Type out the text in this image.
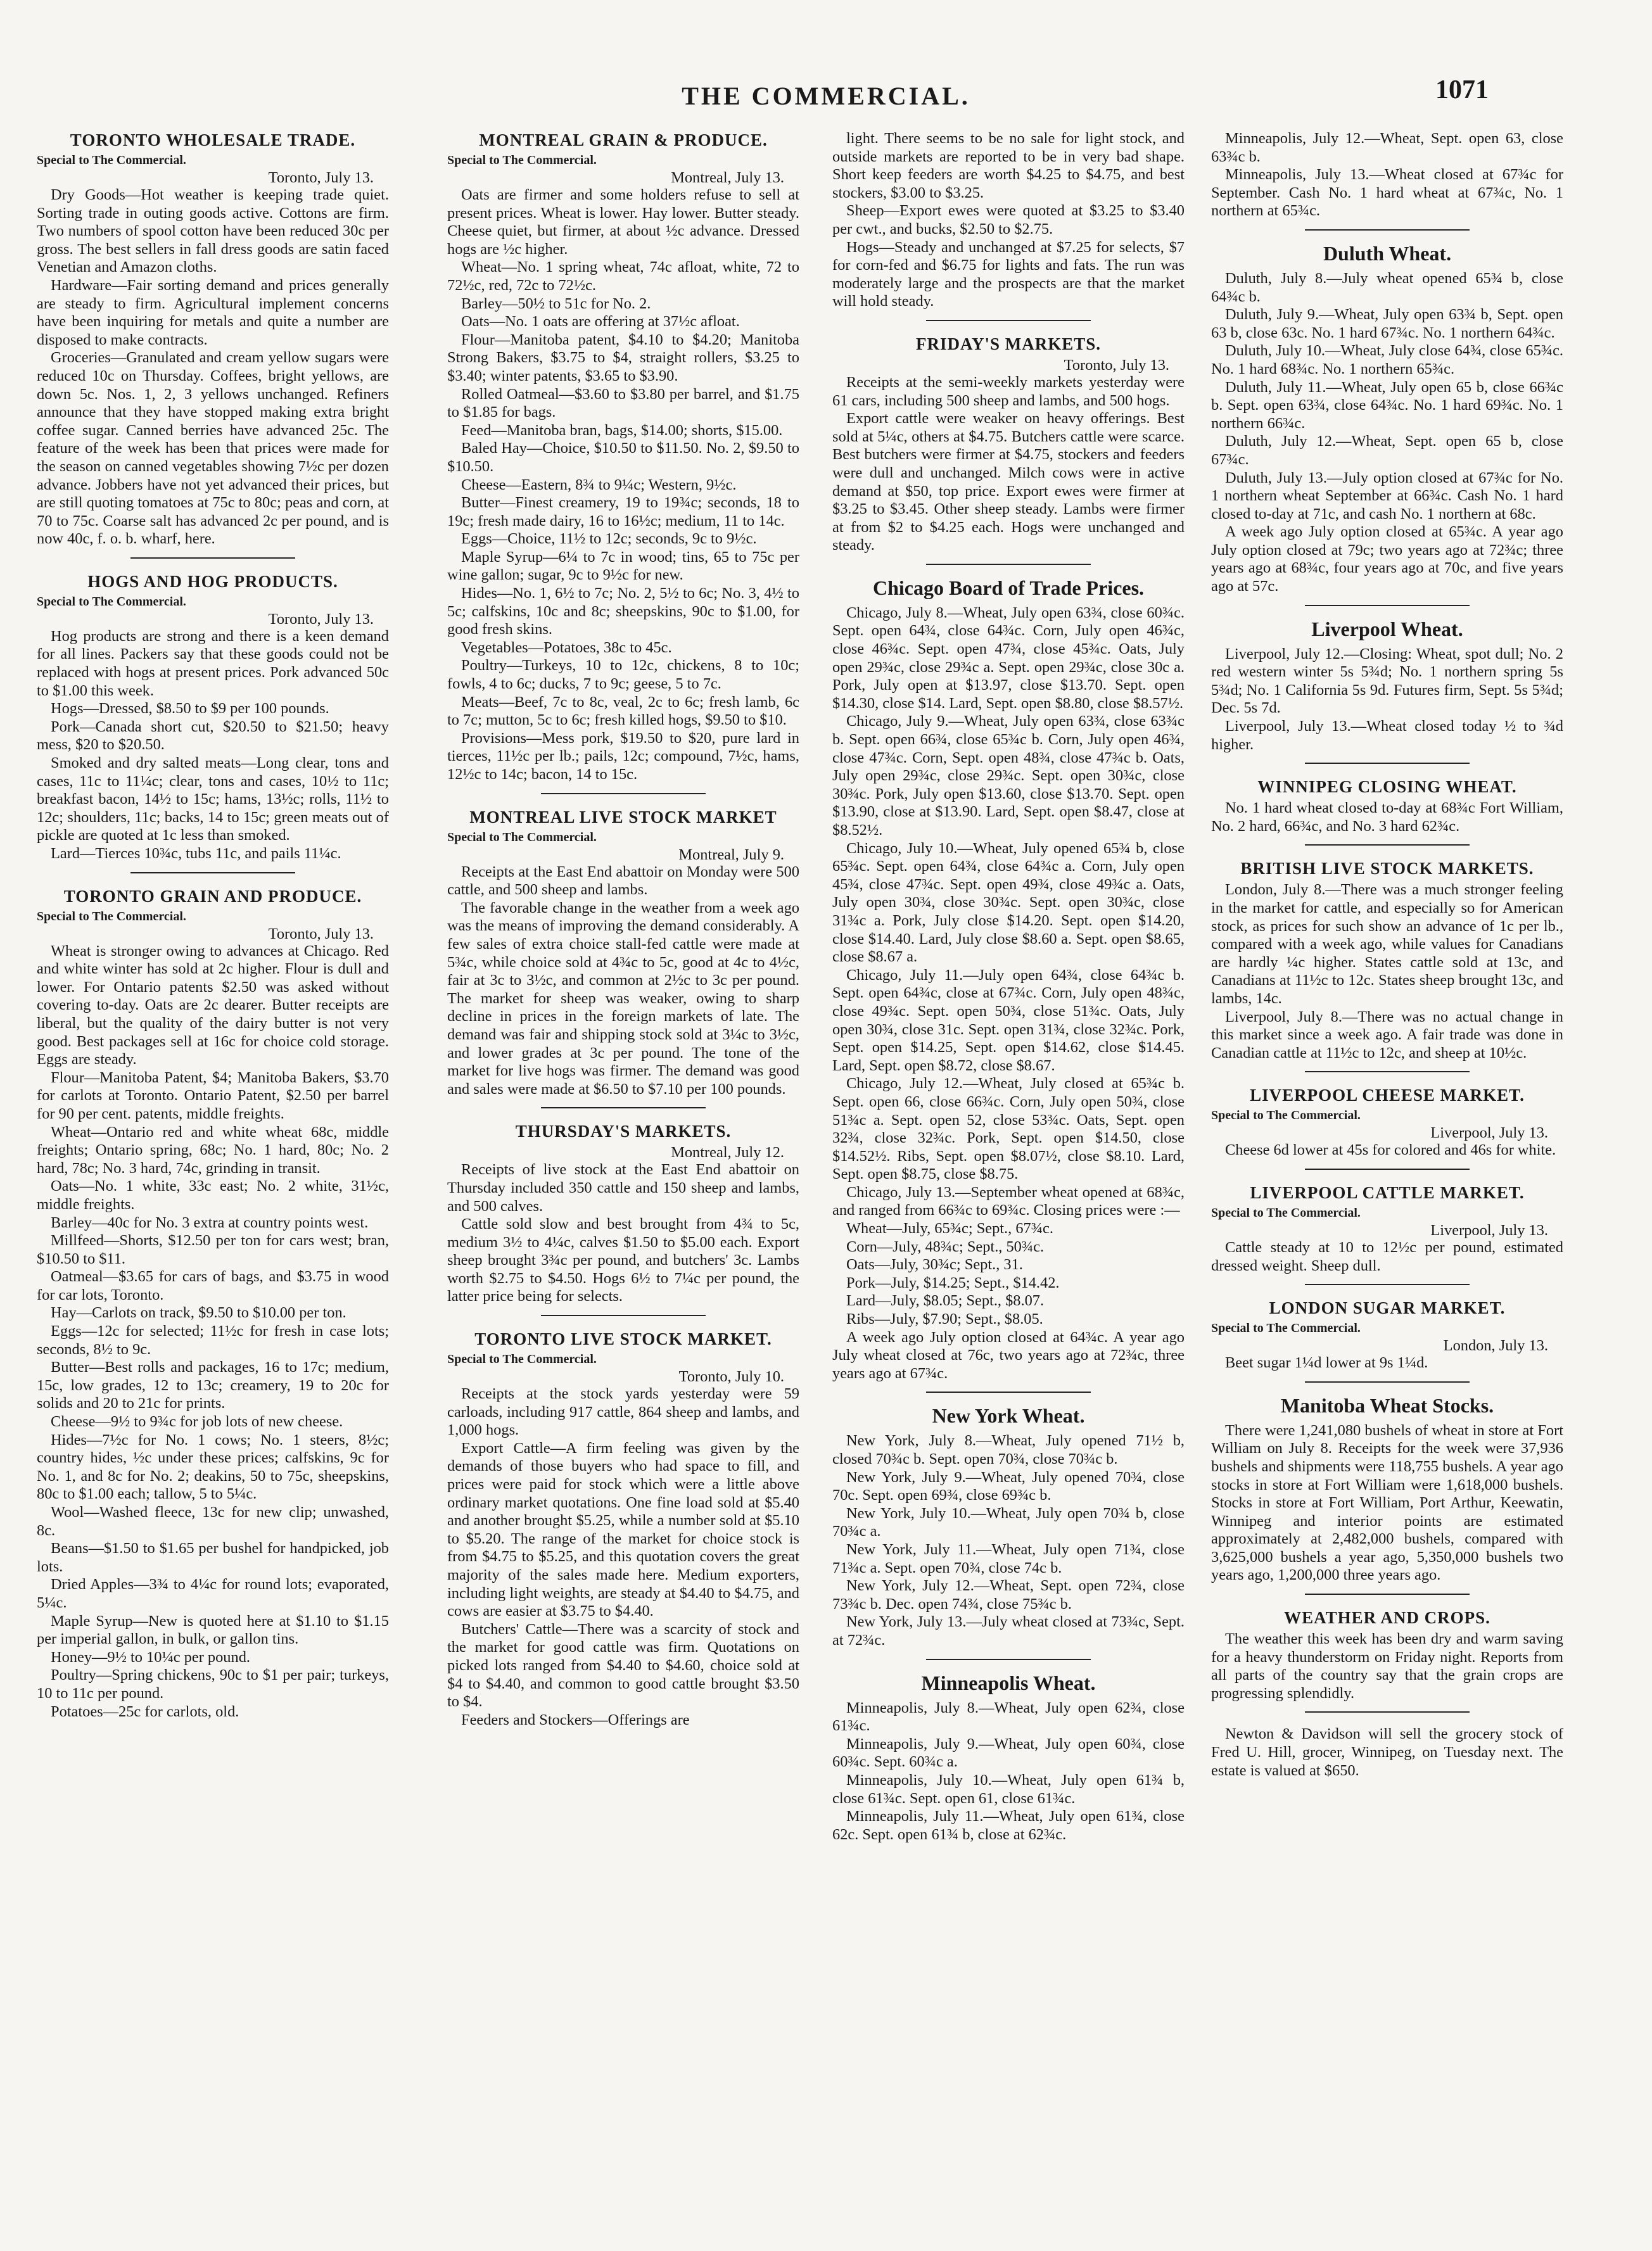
THE COMMERCIAL.	1071
TORONTO WHOLESALE TRADE.
Special to The Commercial.
Toronto, July 13.

Dry Goods—Hot weather is keeping trade quiet. Sorting trade in outing goods active. Cottons are firm. Two numbers of spool cotton have been reduced 30c per gross. The best sellers in fall dress goods are satin faced Venetian and Amazon cloths.

Hardware—Fair sorting demand and prices generally are steady to firm. Agricultural implement concerns have been inquiring for metals and quite a number are disposed to make contracts.

Groceries—Granulated and cream yellow sugars were reduced 10c on Thursday. Coffees, bright yellows, are down 5c. Nos. 1, 2, 3 yellows unchanged. Refiners announce that they have stopped making extra bright coffee sugar. Canned berries have advanced 25c. The feature of the week has been that prices were made for the season on canned vegetables showing 7½c per dozen advance. Jobbers have not yet advanced their prices, but are still quoting tomatoes at 75c to 80c; peas and corn, at 70 to 75c. Coarse salt has advanced 2c per pound, and is now 40c, f. o. b. wharf, here.

HOGS AND HOG PRODUCTS.
Special to The Commercial.
Toronto, July 13.

Hog products are strong and there is a keen demand for all lines. Packers say that these goods could not be replaced with hogs at present prices. Pork advanced 50c to $1.00 this week.

Hogs—Dressed, $8.50 to $9 per 100 pounds.

Pork—Canada short cut, $20.50 to $21.50; heavy mess, $20 to $20.50.

Smoked and dry salted meats—Long clear, tons and cases, 11c to 11¼c; clear, tons and cases, 10½ to 11c; breakfast bacon, 14½ to 15c; hams, 13½c; rolls, 11½ to 12c; shoulders, 11c; backs, 14 to 15c; green meats out of pickle are quoted at 1c less than smoked.

Lard—Tierces 10¾c, tubs 11c, and pails 11¼c.

TORONTO GRAIN AND PRODUCE.
Special to The Commercial.
Toronto, July 13.

Wheat is stronger owing to advances at Chicago. Red and white winter has sold at 2c higher. Flour is dull and lower. For Ontario patents $2.50 was asked without covering to-day. Oats are 2c dearer. Butter receipts are liberal, but the quality of the dairy butter is not very good. Best packages sell at 16c for choice cold storage. Eggs are steady.

Flour—Manitoba Patent, $4; Manitoba Bakers, $3.70 for carlots at Toronto. Ontario Patent, $2.50 per barrel for 90 per cent. patents, middle freights.

Wheat—Ontario red and white wheat 68c, middle freights; Ontario spring, 68c; No. 1 hard, 80c; No. 2 hard, 78c; No. 3 hard, 74c, grinding in transit.

Oats—No. 1 white, 33c east; No. 2 white, 31½c, middle freights.

Barley—40c for No. 3 extra at country points west.

Millfeed—Shorts, $12.50 per ton for cars west; bran, $10.50 to $11.

Oatmeal—$3.65 for cars of bags, and $3.75 in wood for car lots, Toronto.

Hay—Carlots on track, $9.50 to $10.00 per ton.

Eggs—12c for selected; 11½c for fresh in case lots; seconds, 8½ to 9c.

Butter—Best rolls and packages, 16 to 17c; medium, 15c, low grades, 12 to 13c; creamery, 19 to 20c for solids and 20 to 21c for prints.

Cheese—9½ to 9¾c for job lots of new cheese.

Hides—7½c for No. 1 cows; No. 1 steers, 8½c; country hides, ½c under these prices; calfskins, 9c for No. 1, and 8c for No. 2; deakins, 50 to 75c, sheepskins, 80c to $1.00 each; tallow, 5 to 5¼c.

Wool—Washed fleece, 13c for new clip; unwashed, 8c.

Beans—$1.50 to $1.65 per bushel for handpicked, job lots.

Dried Apples—3¾ to 4¼c for round lots; evaporated, 5¼c.

Maple Syrup—New is quoted here at $1.10 to $1.15 per imperial gallon, in bulk, or gallon tins.

Honey—9½ to 10¼c per pound.

Poultry—Spring chickens, 90c to $1 per pair; turkeys, 10 to 11c per pound.

Potatoes—25c for carlots, old.

MONTREAL GRAIN & PRODUCE.
Special to The Commercial.
Montreal, July 13.

Oats are firmer and some holders refuse to sell at present prices. Wheat is lower. Hay lower. Butter steady. Cheese quiet, but firmer, at about ½c advance. Dressed hogs are ½c higher.

Wheat—No. 1 spring wheat, 74c afloat, white, 72 to 72½c, red, 72c to 72½c.

Barley—50½ to 51c for No. 2.

Oats—No. 1 oats are offering at 37½c afloat.

Flour—Manitoba patent, $4.10 to $4.20; Manitoba Strong Bakers, $3.75 to $4, straight rollers, $3.25 to $3.40; winter patents, $3.65 to $3.90.

Rolled Oatmeal—$3.60 to $3.80 per barrel, and $1.75 to $1.85 for bags.

Feed—Manitoba bran, bags, $14.00; shorts, $15.00.

Baled Hay—Choice, $10.50 to $11.50. No. 2, $9.50 to $10.50.

Cheese—Eastern, 8¾ to 9¼c; Western, 9½c.

Butter—Finest creamery, 19 to 19¾c; seconds, 18 to 19c; fresh made dairy, 16 to 16½c; medium, 11 to 14c.

Eggs—Choice, 11½ to 12c; seconds, 9c to 9½c.

Maple Syrup—6¼ to 7c in wood; tins, 65 to 75c per wine gallon; sugar, 9c to 9½c for new.

Hides—No. 1, 6½ to 7c; No. 2, 5½ to 6c; No. 3, 4½ to 5c; calfskins, 10c and 8c; sheepskins, 90c to $1.00, for good fresh skins.

Vegetables—Potatoes, 38c to 45c.

Poultry—Turkeys, 10 to 12c, chickens, 8 to 10c; fowls, 4 to 6c; ducks, 7 to 9c; geese, 5 to 7c.

Meats—Beef, 7c to 8c, veal, 2c to 6c; fresh lamb, 6c to 7c; mutton, 5c to 6c; fresh killed hogs, $9.50 to $10.

Provisions—Mess pork, $19.50 to $20, pure lard in tierces, 11½c per lb.; pails, 12c; compound, 7½c, hams, 12½c to 14c; bacon, 14 to 15c.

MONTREAL LIVE STOCK MARKET
Special to The Commercial.
Montreal, July 9.

Receipts at the East End abattoir on Monday were 500 cattle, and 500 sheep and lambs.

The favorable change in the weather from a week ago was the means of improving the demand considerably. A few sales of extra choice stall-fed cattle were made at 5¾c, while choice sold at 4¾c to 5c, good at 4c to 4½c, fair at 3c to 3½c, and common at 2½c to 3c per pound. The market for sheep was weaker, owing to sharp decline in prices in the foreign markets of late. The demand was fair and shipping stock sold at 3¼c to 3½c, and lower grades at 3c per pound. The tone of the market for live hogs was firmer. The demand was good and sales were made at $6.50 to $7.10 per 100 pounds.

THURSDAY'S MARKETS.
Montreal, July 12.

Receipts of live stock at the East End abattoir on Thursday included 350 cattle and 150 sheep and lambs, and 500 calves.

Cattle sold slow and best brought from 4¾ to 5c, medium 3½ to 4¼c, calves $1.50 to $5.00 each. Export sheep brought 3¾c per pound, and butchers' 3c. Lambs worth $2.75 to $4.50. Hogs 6½ to 7¼c per pound, the latter price being for selects.

TORONTO LIVE STOCK MARKET.
Special to The Commercial.
Toronto, July 10.

Receipts at the stock yards yesterday were 59 carloads, including 917 cattle, 864 sheep and lambs, and 1,000 hogs.

Export Cattle—A firm feeling was given by the demands of those buyers who had space to fill, and prices were paid for stock which were a little above ordinary market quotations. One fine load sold at $5.40 and another brought $5.25, while a number sold at $5.10 to $5.20. The range of the market for choice stock is from $4.75 to $5.25, and this quotation covers the great majority of the sales made here. Medium exporters, including light weights, are steady at $4.40 to $4.75, and cows are easier at $3.75 to $4.40.

Butchers' Cattle—There was a scarcity of stock and the market for good cattle was firm. Quotations on picked lots ranged from $4.40 to $4.60, choice sold at $4 to $4.40, and common to good cattle brought $3.50 to $4.

Feeders and Stockers—Offerings are

light. There seems to be no sale for light stock, and outside markets are reported to be in very bad shape. Short keep feeders are worth $4.25 to $4.75, and best stockers, $3.00 to $3.25.

Sheep—Export ewes were quoted at $3.25 to $3.40 per cwt., and bucks, $2.50 to $2.75.

Hogs—Steady and unchanged at $7.25 for selects, $7 for corn-fed and $6.75 for lights and fats. The run was moderately large and the prospects are that the market will hold steady.

FRIDAY'S MARKETS.
Toronto, July 13.

Receipts at the semi-weekly markets yesterday were 61 cars, including 500 sheep and lambs, and 500 hogs.

Export cattle were weaker on heavy offerings. Best sold at 5¼c, others at $4.75. Butchers cattle were scarce. Best butchers were firmer at $4.75, stockers and feeders were dull and unchanged. Milch cows were in active demand at $50, top price. Export ewes were firmer at $3.25 to $3.45. Other sheep steady. Lambs were firmer at from $2 to $4.25 each. Hogs were unchanged and steady.

Chicago Board of Trade Prices.

Chicago, July 8.—Wheat, July open 63¾, close 60¾c. Sept. open 64¾, close 64¾c. Corn, July open 46¾c, close 46¾c. Sept. open 47¾, close 45¾c. Oats, July open 29¾c, close 29¾c a. Sept. open 29¾c, close 30c a. Pork, July open at $13.97, close $13.70. Sept. open $14.30, close $14. Lard, Sept. open $8.80, close $8.57½.

Chicago, July 9.—Wheat, July open 63¾, close 63¾c b. Sept. open 66¾, close 65¾c b. Corn, July open 46¾, close 47¾c. Corn, Sept. open 48¾, close 47¾c b. Oats, July open 29¾c, close 29¾c. Sept. open 30¾c, close 30¾c. Pork, July open $13.60, close $13.70. Sept. open $13.90, close at $13.90. Lard, Sept. open $8.47, close at $8.52½.

Chicago, July 10.—Wheat, July opened 65¾ b, close 65¾c. Sept. open 64¾, close 64¾c a. Corn, July open 45¾, close 47¾c. Sept. open 49¾, close 49¾c a. Oats, July open 30¾, close 30¾c. Sept. open 30¾c, close 31¾c a. Pork, July close $14.20. Sept. open $14.20, close $14.40. Lard, July close $8.60 a. Sept. open $8.65, close $8.67 a.

Chicago, July 11.—July open 64¾, close 64¾c b. Sept. open 64¾c, close at 67¾c. Corn, July open 48¾c, close 49¾c. Sept. open 50¾, close 51¾c. Oats, July open 30¾, close 31c. Sept. open 31¾, close 32¾c. Pork, Sept. open $14.25, Sept. open $14.62, close $14.45. Lard, Sept. open $8.72, close $8.67.

Chicago, July 12.—Wheat, July closed at 65¾c b. Sept. open 66, close 66¾c. Corn, July open 50¾, close 51¾c a. Sept. open 52, close 53¾c. Oats, Sept. open 32¾, close 32¾c. Pork, Sept. open $14.50, close $14.52½. Ribs, Sept. open $8.07½, close $8.10. Lard, Sept. open $8.75, close $8.75.

Chicago, July 13.—September wheat opened at 68¾c, and ranged from 66¾c to 69¾c. Closing prices were :—

Wheat—July, 65¾c; Sept., 67¾c.

Corn—July, 48¾c; Sept., 50¾c.

Oats—July, 30¾c; Sept., 31.

Pork—July, $14.25; Sept., $14.42.

Lard—July, $8.05; Sept., $8.07.

Ribs—July, $7.90; Sept., $8.05.

A week ago July option closed at 64¾c. A year ago July wheat closed at 76c, two years ago at 72¾c, three years ago at 67¾c.

New York Wheat.

New York, July 8.—Wheat, July opened 71½ b, closed 70¾c b. Sept. open 70¾, close 70¾c b.

New York, July 9.—Wheat, July opened 70¾, close 70c. Sept. open 69¾, close 69¾c b.

New York, July 10.—Wheat, July open 70¾ b, close 70¾c a.

New York, July 11.—Wheat, July open 71¾, close 71¾c a. Sept. open 70¾, close 74c b.

New York, July 12.—Wheat, Sept. open 72¾, close 73¾c b. Dec. open 74¾, close 75¾c b.

New York, July 13.—July wheat closed at 73¾c, Sept. at 72¾c.

Minneapolis Wheat.

Minneapolis, July 8.—Wheat, July open 62¾, close 61¾c.

Minneapolis, July 9.—Wheat, July open 60¾, close 60¾c. Sept. 60¾c a.

Minneapolis, July 10.—Wheat, July open 61¾ b, close 61¾c. Sept. open 61, close 61¾c.

Minneapolis, July 11.—Wheat, July open 61¾, close 62c. Sept. open 61¾ b, close at 62¾c.

Minneapolis, July 12.—Wheat, Sept. open 63, close 63¾c b.

Minneapolis, July 13.—Wheat closed at 67¾c for September. Cash No. 1 hard wheat at 67¾c, No. 1 northern at 65¾c.

Duluth Wheat.

Duluth, July 8.—July wheat opened 65¾ b, close 64¾c b.

Duluth, July 9.—Wheat, July open 63¾ b, Sept. open 63 b, close 63c. No. 1 hard 67¾c. No. 1 northern 64¾c.

Duluth, July 10.—Wheat, July close 64¾, close 65¾c. No. 1 hard 68¾c. No. 1 northern 65¾c.

Duluth, July 11.—Wheat, July open 65 b, close 66¾c b. Sept. open 63¾, close 64¾c. No. 1 hard 69¾c. No. 1 northern 66¾c.

Duluth, July 12.—Wheat, Sept. open 65 b, close 67¾c.

Duluth, July 13.—July option closed at 67¾c for No. 1 northern wheat September at 66¾c. Cash No. 1 hard closed to-day at 71c, and cash No. 1 northern at 68c.

A week ago July option closed at 65¾c. A year ago July option closed at 79c; two years ago at 72¾c; three years ago at 68¾c, four years ago at 70c, and five years ago at 57c.

Liverpool Wheat.

Liverpool, July 12.—Closing: Wheat, spot dull; No. 2 red western winter 5s 5¾d; No. 1 northern spring 5s 5¾d; No. 1 California 5s 9d. Futures firm, Sept. 5s 5¾d; Dec. 5s 7d.

Liverpool, July 13.—Wheat closed today ½ to ¾d higher.

WINNIPEG CLOSING WHEAT.

No. 1 hard wheat closed to-day at 68¾c Fort William, No. 2 hard, 66¾c, and No. 3 hard 62¾c.

BRITISH LIVE STOCK MARKETS.

London, July 8.—There was a much stronger feeling in the market for cattle, and especially so for American stock, as prices for such show an advance of 1c per lb., compared with a week ago, while values for Canadians are hardly ¼c higher. States cattle sold at 13c, and Canadians at 11½c to 12c. States sheep brought 13c, and lambs, 14c.

Liverpool, July 8.—There was no actual change in this market since a week ago. A fair trade was done in Canadian cattle at 11½c to 12c, and sheep at 10½c.

LIVERPOOL CHEESE MARKET.
Special to The Commercial.
Liverpool, July 13.

Cheese 6d lower at 45s for colored and 46s for white.

LIVERPOOL CATTLE MARKET.
Special to The Commercial.
Liverpool, July 13.

Cattle steady at 10 to 12½c per pound, estimated dressed weight. Sheep dull.

LONDON SUGAR MARKET.
Special to The Commercial.
London, July 13.

Beet sugar 1¼d lower at 9s 1¼d.

Manitoba Wheat Stocks.

There were 1,241,080 bushels of wheat in store at Fort William on July 8. Receipts for the week were 37,936 bushels and shipments were 118,755 bushels. A year ago stocks in store at Fort William were 1,618,000 bushels. Stocks in store at Fort William, Port Arthur, Keewatin, Winnipeg and interior points are estimated approximately at 2,482,000 bushels, compared with 3,625,000 bushels a year ago, 5,350,000 bushels two years ago, 1,200,000 three years ago.

WEATHER AND CROPS.

The weather this week has been dry and warm saving for a heavy thunderstorm on Friday night. Reports from all parts of the country say that the grain crops are progressing splendidly.

Newton & Davidson will sell the grocery stock of Fred U. Hill, grocer, Winnipeg, on Tuesday next. The estate is valued at $650.
